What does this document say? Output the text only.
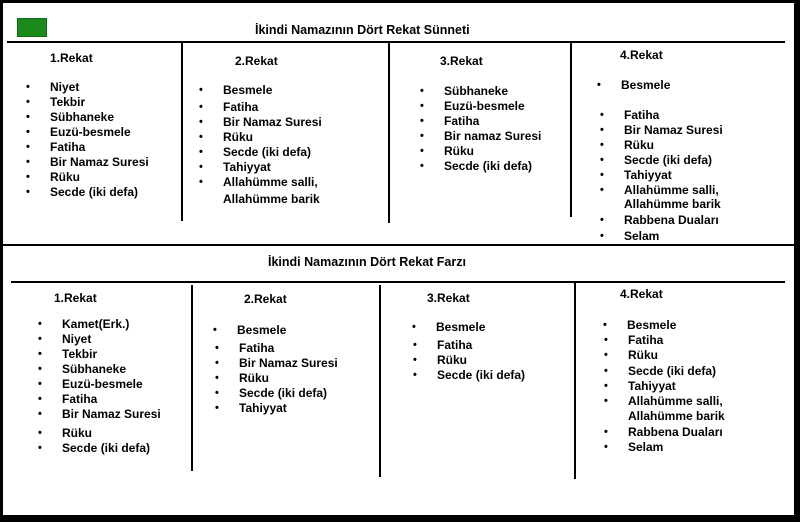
İkindi Namazının Dört Rekat Sünneti
1.Rekat
• Niyet
• Tekbir
• Sübhaneke
• Euzü-besmele
• Fatiha
• Bir Namaz Suresi
• Rüku
• Secde (iki defa)
2.Rekat
• Besmele
• Fatiha
• Bir Namaz Suresi
• Rüku
• Secde (iki defa)
• Tahiyyat
• Allahümme salli,
Allahümme barik
3.Rekat
• Sübhaneke
• Euzü-besmele
• Fatiha
• Bir namaz Suresi
• Rüku
• Secde (iki defa)
4.Rekat
• Besmele
• Fatiha
• Bir Namaz Suresi
• Rüku
• Secde (iki defa)
• Tahiyyat
• Allahümme salli,
Allahümme barik
• Rabbena Duaları
• Selam
İkindi Namazının Dört Rekat Farzı
1.Rekat
• Kamet(Erk.)
• Niyet
• Tekbir
• Sübhaneke
• Euzü-besmele
• Fatiha
• Bir Namaz Suresi
• Rüku
• Secde (iki defa)
2.Rekat
• Besmele
• Fatiha
• Bir Namaz Suresi
• Rüku
• Secde (iki defa)
• Tahiyyat
3.Rekat
• Besmele
• Fatiha
• Rüku
• Secde (iki defa)
4.Rekat
• Besmele
• Fatiha
• Rüku
• Secde (iki defa)
• Tahiyyat
• Allahümme salli,
Allahümme barik
• Rabbena Duaları
• Selam
